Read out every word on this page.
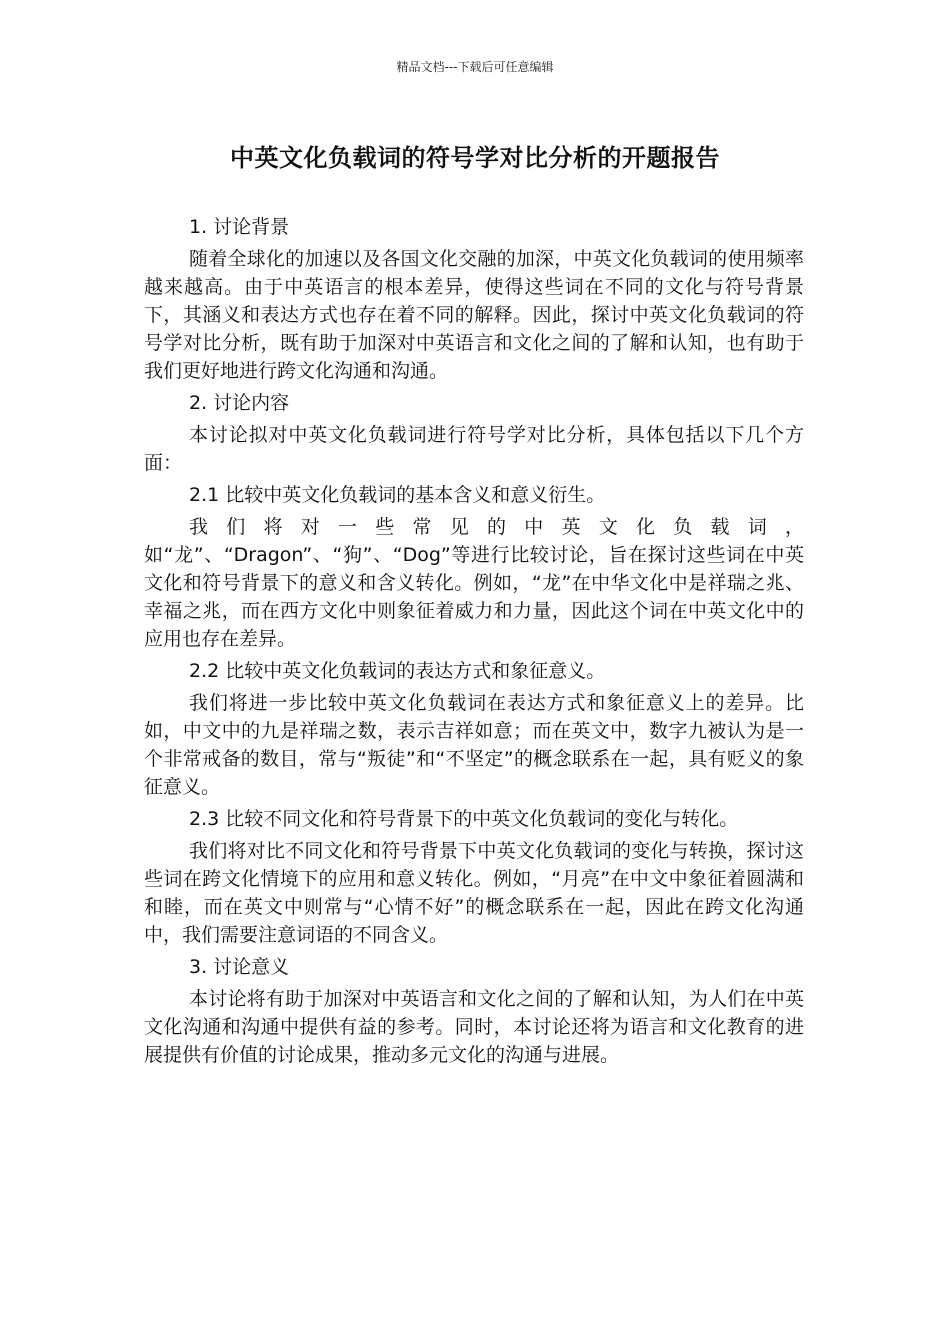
精品文档---下载后可任意编辑
中英文化负载词的符号学对比分析的开题报告

1. 讨论背景

随着全球化的加速以及各国文化交融的加深，中英文化负载词的使用频率越来越高。由于中英语言的根本差异，使得这些词在不同的文化与符号背景下，其涵义和表达方式也存在着不同的解释。因此，探讨中英文化负载词的符号学对比分析，既有助于加深对中英语言和文化之间的了解和认知，也有助于我们更好地进行跨文化沟通和沟通。

2. 讨论内容

本讨论拟对中英文化负载词进行符号学对比分析，具体包括以下几个方面：

2.1 比较中英文化负载词的基本含义和意义衍生。

我们将对一些常见的中英文化负载词，如“龙”、“Dragon”、“狗”、“Dog”等进行比较讨论，旨在探讨这些词在中英文化和符号背景下的意义和含义转化。例如，“龙”在中华文化中是祥瑞之兆、幸福之兆，而在西方文化中则象征着威力和力量，因此这个词在中英文化中的应用也存在差异。

2.2 比较中英文化负载词的表达方式和象征意义。

我们将进一步比较中英文化负载词在表达方式和象征意义上的差异。比如，中文中的九是祥瑞之数，表示吉祥如意；而在英文中，数字九被认为是一个非常戒备的数目，常与“叛徒”和“不坚定”的概念联系在一起，具有贬义的象征意义。

2.3 比较不同文化和符号背景下的中英文化负载词的变化与转化。

我们将对比不同文化和符号背景下中英文化负载词的变化与转换，探讨这些词在跨文化情境下的应用和意义转化。例如，“月亮”在中文中象征着圆满和和睦，而在英文中则常与“心情不好”的概念联系在一起，因此在跨文化沟通中，我们需要注意词语的不同含义。

3. 讨论意义

本讨论将有助于加深对中英语言和文化之间的了解和认知，为人们在中英文化沟通和沟通中提供有益的参考。同时，本讨论还将为语言和文化教育的进展提供有价值的讨论成果，推动多元文化的沟通与进展。
